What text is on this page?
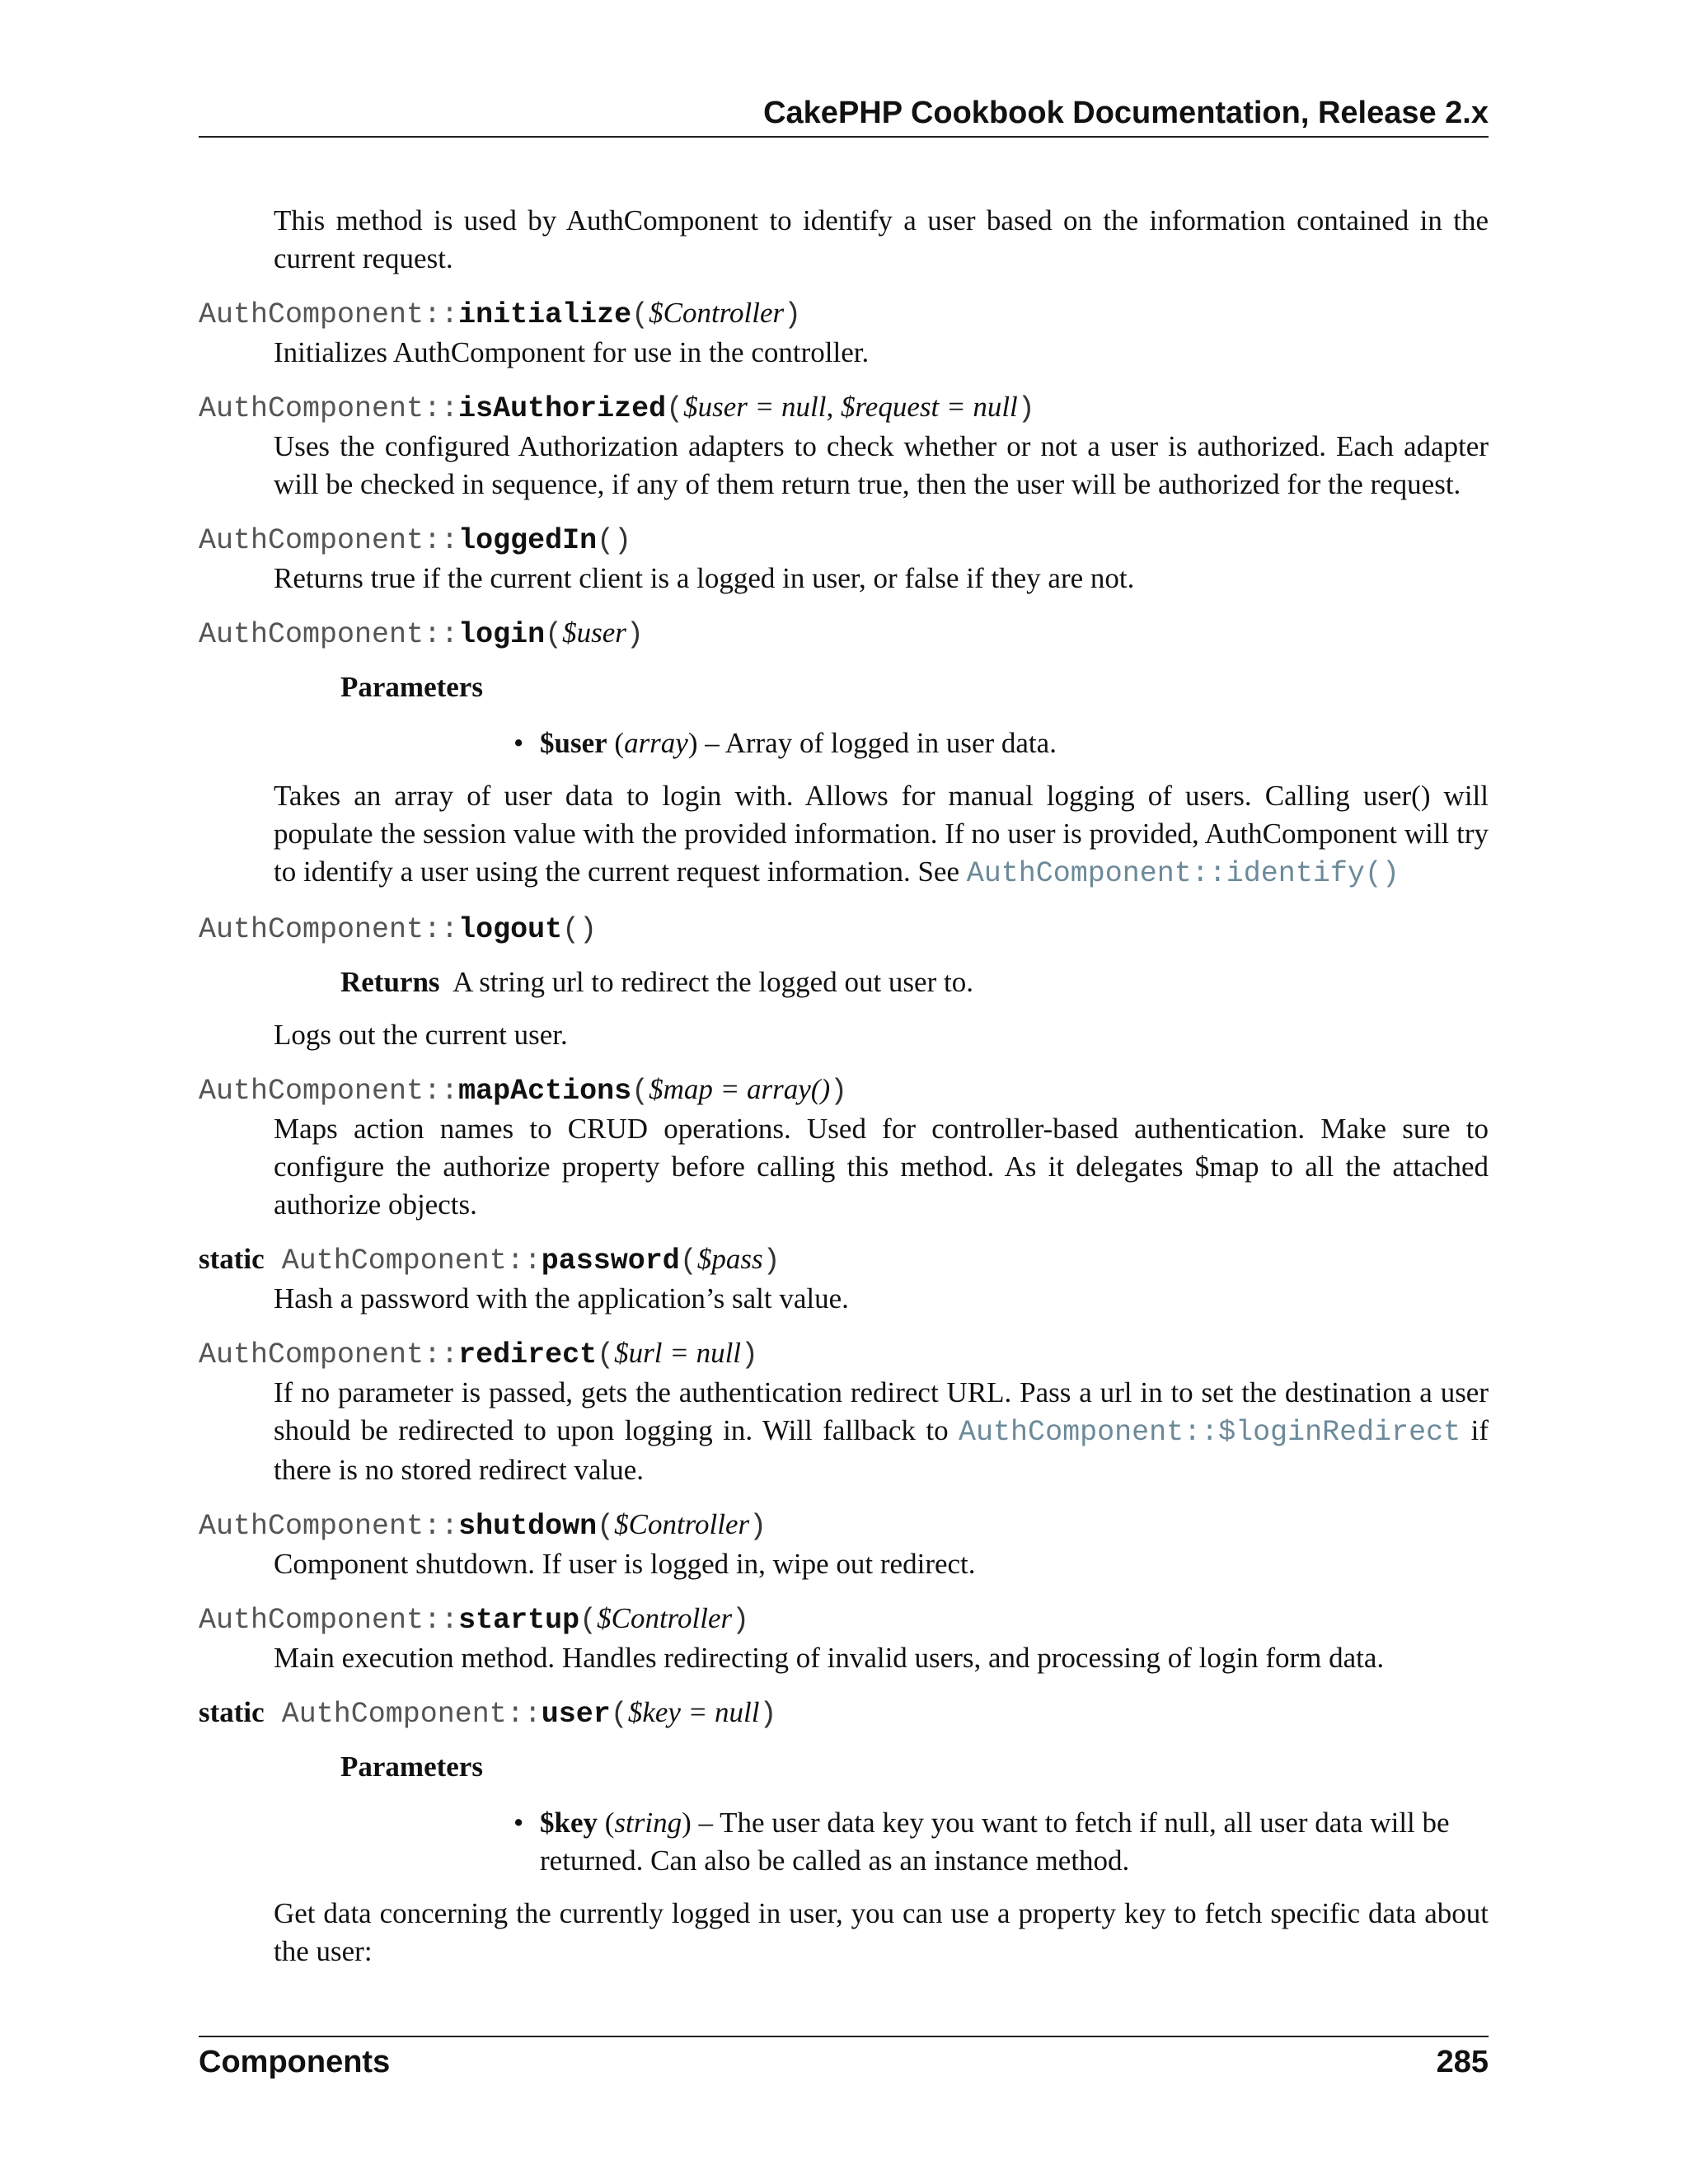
CakePHP Cookbook Documentation, Release 2.x

This method is used by AuthComponent to identify a user based on the information contained in the current request.

AuthComponent::initialize($Controller)

Initializes AuthComponent for use in the controller.

AuthComponent::isAuthorized($user = null, $request = null)

Uses the configured Authorization adapters to check whether or not a user is authorized. Each adapter will be checked in sequence, if any of them return true, then the user will be authorized for the request.

AuthComponent::loggedIn()

Returns true if the current client is a logged in user, or false if they are not.

AuthComponent::login($user)
Parameters
• $user (array) – Array of logged in user data.

Takes an array of user data to login with. Allows for manual logging of users. Calling user() will populate the session value with the provided information. If no user is provided, AuthComponent will try to identify a user using the current request information. See AuthComponent::identify()

AuthComponent::logout()
Returns A string url to redirect the logged out user to.

Logs out the current user.

AuthComponent::mapActions($map = array())

Maps action names to CRUD operations. Used for controller-based authentication. Make sure to configure the authorize property before calling this method. As it delegates $map to all the attached authorize objects.

static AuthComponent::password($pass)

Hash a password with the application’s salt value.

AuthComponent::redirect($url = null)

If no parameter is passed, gets the authentication redirect URL. Pass a url in to set the destination a user should be redirected to upon logging in. Will fallback to AuthComponent::$loginRedirect if there is no stored redirect value.

AuthComponent::shutdown($Controller)

Component shutdown. If user is logged in, wipe out redirect.

AuthComponent::startup($Controller)

Main execution method. Handles redirecting of invalid users, and processing of login form data.

static AuthComponent::user($key = null)
Parameters
• $key (string) – The user data key you want to fetch if null, all user data will be returned. Can also be called as an instance method.

Get data concerning the currently logged in user, you can use a property key to fetch specific data about the user:

Components	285
